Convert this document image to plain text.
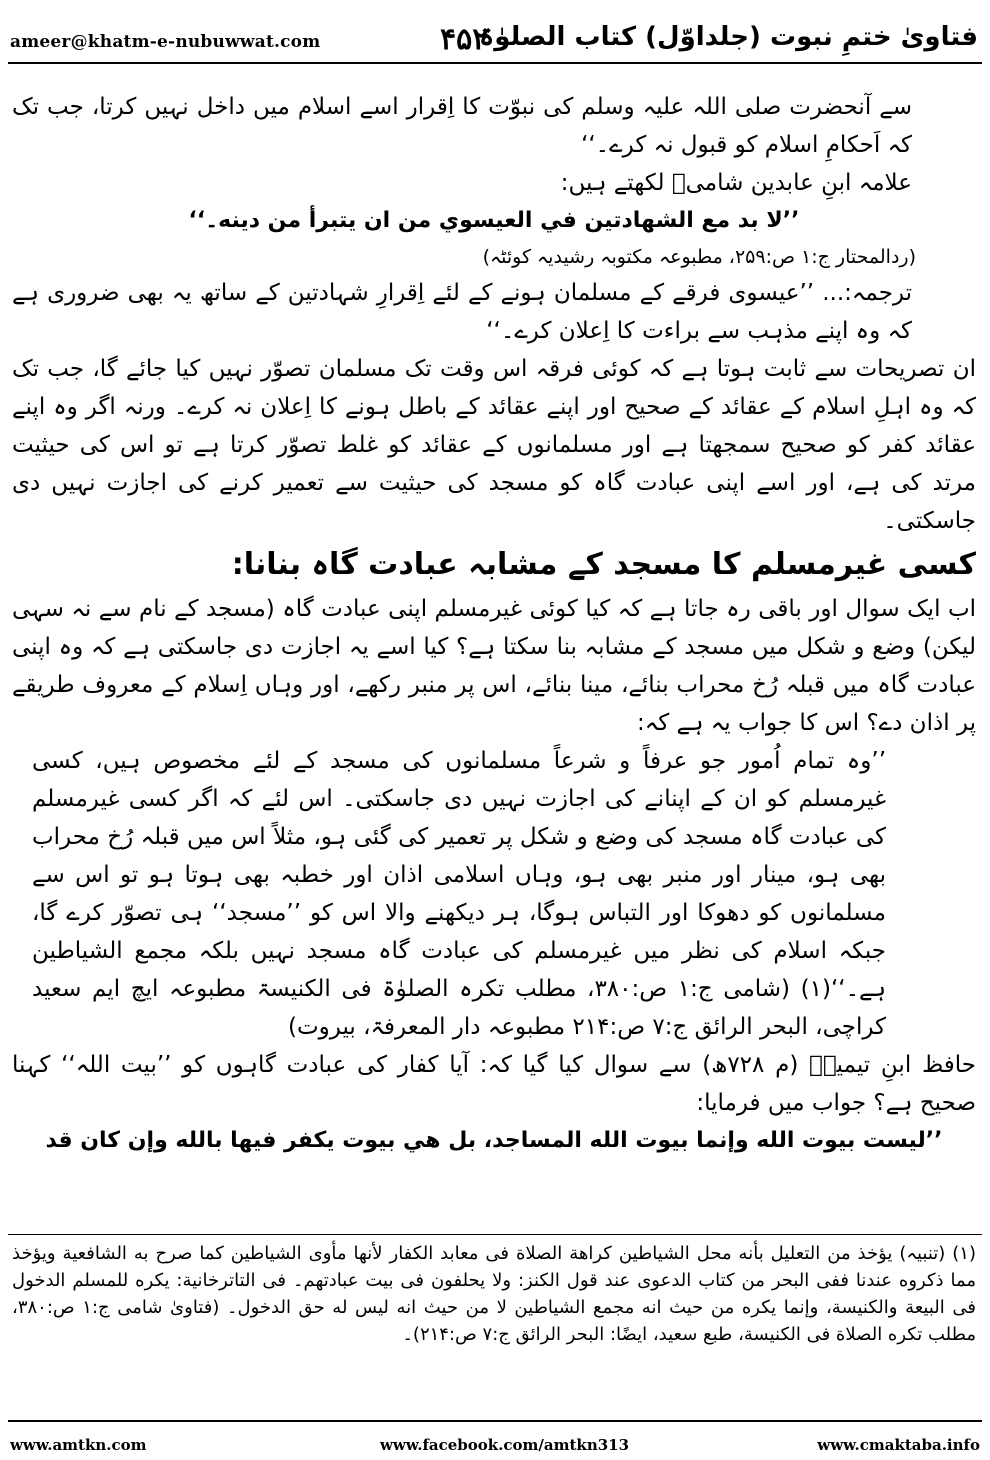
ameer@khatm-e-nubuwwat.com	۴۵۲
فتاویٰ ختمِ نبوت (جلداوّل) کتاب الصلوٰۃ

سے آنحضرت صلی اللہ علیہ وسلم کی نبوّت کا اِقرار اسے اسلام میں داخل نہیں کرتا، جب تک کہ اَحکامِ اسلام کو قبول نہ کرے۔‘‘

علامہ ابنِ عابدین شامیؒ لکھتے ہیں:

’’لا بد مع الشهادتين في العيسوي من ان يتبرأ من دينه۔‘‘

(ردالمحتار ج:۱ ص:۲۵۹، مطبوعہ مکتوبہ رشیدیہ کوئٹہ)

ترجمہ:... ’’عیسوی فرقے کے مسلمان ہونے کے لئے اِقرارِ شہادتین کے ساتھ یہ بھی ضروری ہے کہ وہ اپنے مذہب سے براءت کا اِعلان کرے۔‘‘

ان تصریحات سے ثابت ہوتا ہے کہ کوئی فرقہ اس وقت تک مسلمان تصوّر نہیں کیا جائے گا، جب تک کہ وہ اہلِ اسلام کے عقائد کے صحیح اور اپنے عقائد کے باطل ہونے کا اِعلان نہ کرے۔ ورنہ اگر وہ اپنے عقائد کفر کو صحیح سمجھتا ہے اور مسلمانوں کے عقائد کو غلط تصوّر کرتا ہے تو اس کی حیثیت مرتد کی ہے، اور اسے اپنی عبادت گاہ کو مسجد کی حیثیت سے تعمیر کرنے کی اجازت نہیں دی جاسکتی۔

کسی غیرمسلم کا مسجد کے مشابہ عبادت گاہ بنانا:

اب ایک سوال اور باقی رہ جاتا ہے کہ کیا کوئی غیرمسلم اپنی عبادت گاہ (مسجد کے نام سے نہ سہی لیکن) وضع و شکل میں مسجد کے مشابہ بنا سکتا ہے؟ کیا اسے یہ اجازت دی جاسکتی ہے کہ وہ اپنی عبادت گاہ میں قبلہ رُخ محراب بنائے، مینا بنائے، اس پر منبر رکھے، اور وہاں اِسلام کے معروف طریقے پر اذان دے؟ اس کا جواب یہ ہے کہ:

’’وہ تمام اُمور جو عرفاً و شرعاً مسلمانوں کی مسجد کے لئے مخصوص ہیں، کسی غیرمسلم کو ان کے اپنانے کی اجازت نہیں دی جاسکتی۔ اس لئے کہ اگر کسی غیرمسلم کی عبادت گاہ مسجد کی وضع و شکل پر تعمیر کی گئی ہو، مثلاً اس میں قبلہ رُخ محراب بھی ہو، مینار اور منبر بھی ہو، وہاں اسلامی اذان اور خطبہ بھی ہوتا ہو تو اس سے مسلمانوں کو دھوکا اور التباس ہوگا، ہر دیکھنے والا اس کو ’’مسجد‘‘ ہی تصوّر کرے گا، جبکہ اسلام کی نظر میں غیرمسلم کی عبادت گاہ مسجد نہیں بلکہ مجمع الشیاطین ہے۔‘‘(۱) (شامی ج:۱ ص:۳۸۰، مطلب تکرہ الصلوٰۃ فی الکنیسۃ مطبوعہ ایچ ایم سعید کراچی، البحر الرائق ج:۷ ص:۲۱۴ مطبوعہ دار المعرفۃ، بیروت)

حافظ ابنِ تیمیہؒ (م ۷۲۸ھ) سے سوال کیا گیا کہ: آیا کفار کی عبادت گاہوں کو ’’بیت اللہ‘‘ کہنا صحیح ہے؟ جواب میں فرمایا:

’’ليست بيوت الله وإنما بيوت الله المساجد، بل هي بيوت يكفر فيها بالله وإن كان قد

(۱) (تنبیہ) یؤخذ من التعلیل بأنه محل الشیاطین کراهة الصلاة فی معابد الکفار لأنها مأوی الشیاطین کما صرح به الشافعیة ویؤخذ مما ذکروه عندنا ففی البحر من کتاب الدعوی عند قول الکنز: ولا یحلفون فی بیت عبادتهم۔ فی التاترخانیة: یکره للمسلم الدخول فی البیعة والکنیسة، وإنما یکره من حیث انه مجمع الشیاطین لا من حیث انه لیس له حق الدخول۔ (فتاویٰ شامی ج:۱ ص:۳۸۰، مطلب تکره الصلاة فی الکنیسة، طبع سعید، ایضًا: البحر الرائق ج:۷ ص:۲۱۴)۔

www.amtkn.com	www.facebook.com/amtkn313	www.cmaktaba.info
